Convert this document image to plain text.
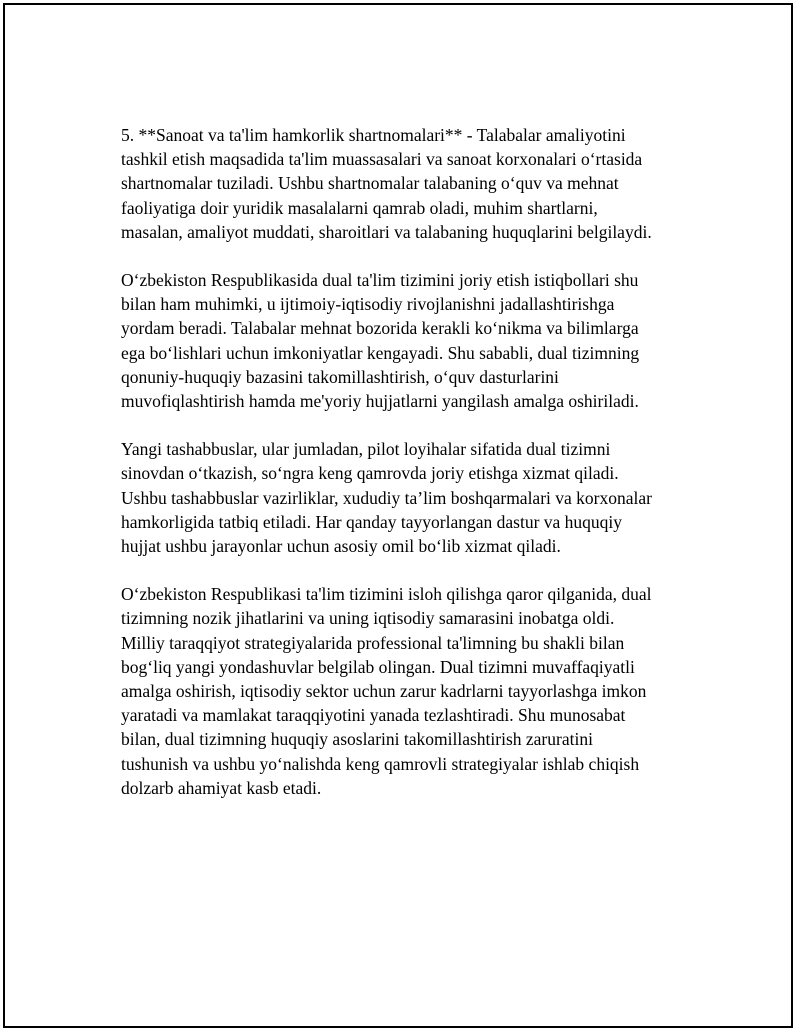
5. **Sanoat va ta'lim hamkorlik shartnomalari** - Talabalar amaliyotini
tashkil etish maqsadida ta'lim muassasalari va sanoat korxonalari oʻrtasida
shartnomalar tuziladi. Ushbu shartnomalar talabaning oʻquv va mehnat
faoliyatiga doir yuridik masalalarni qamrab oladi, muhim shartlarni,
masalan, amaliyot muddati, sharoitlari va talabaning huquqlarini belgilaydi.

Oʻzbekiston Respublikasida dual ta'lim tizimini joriy etish istiqbollari shu
bilan ham muhimki, u ijtimoiy-iqtisodiy rivojlanishni jadallashtirishga
yordam beradi. Talabalar mehnat bozorida kerakli koʻnikma va bilimlarga
ega boʻlishlari uchun imkoniyatlar kengayadi. Shu sababli, dual tizimning
qonuniy-huquqiy bazasini takomillashtirish, oʻquv dasturlarini
muvofiqlashtirish hamda me'yoriy hujjatlarni yangilash amalga oshiriladi.

Yangi tashabbuslar, ular jumladan, pilot loyihalar sifatida dual tizimni
sinovdan oʻtkazish, soʻngra keng qamrovda joriy etishga xizmat qiladi.
Ushbu tashabbuslar vazirliklar, xududiy taʼlim boshqarmalari va korxonalar
hamkorligida tatbiq etiladi. Har qanday tayyorlangan dastur va huquqiy
hujjat ushbu jarayonlar uchun asosiy omil boʻlib xizmat qiladi.

Oʻzbekiston Respublikasi ta'lim tizimini isloh qilishga qaror qilganida, dual
tizimning nozik jihatlarini va uning iqtisodiy samarasini inobatga oldi.
Milliy taraqqiyot strategiyalarida professional ta'limning bu shakli bilan
bogʻliq yangi yondashuvlar belgilab olingan. Dual tizimni muvaffaqiyatli
amalga oshirish, iqtisodiy sektor uchun zarur kadrlarni tayyorlashga imkon
yaratadi va mamlakat taraqqiyotini yanada tezlashtiradi. Shu munosabat
bilan, dual tizimning huquqiy asoslarini takomillashtirish zaruratini
tushunish va ushbu yoʻnalishda keng qamrovli strategiyalar ishlab chiqish
dolzarb ahamiyat kasb etadi.
